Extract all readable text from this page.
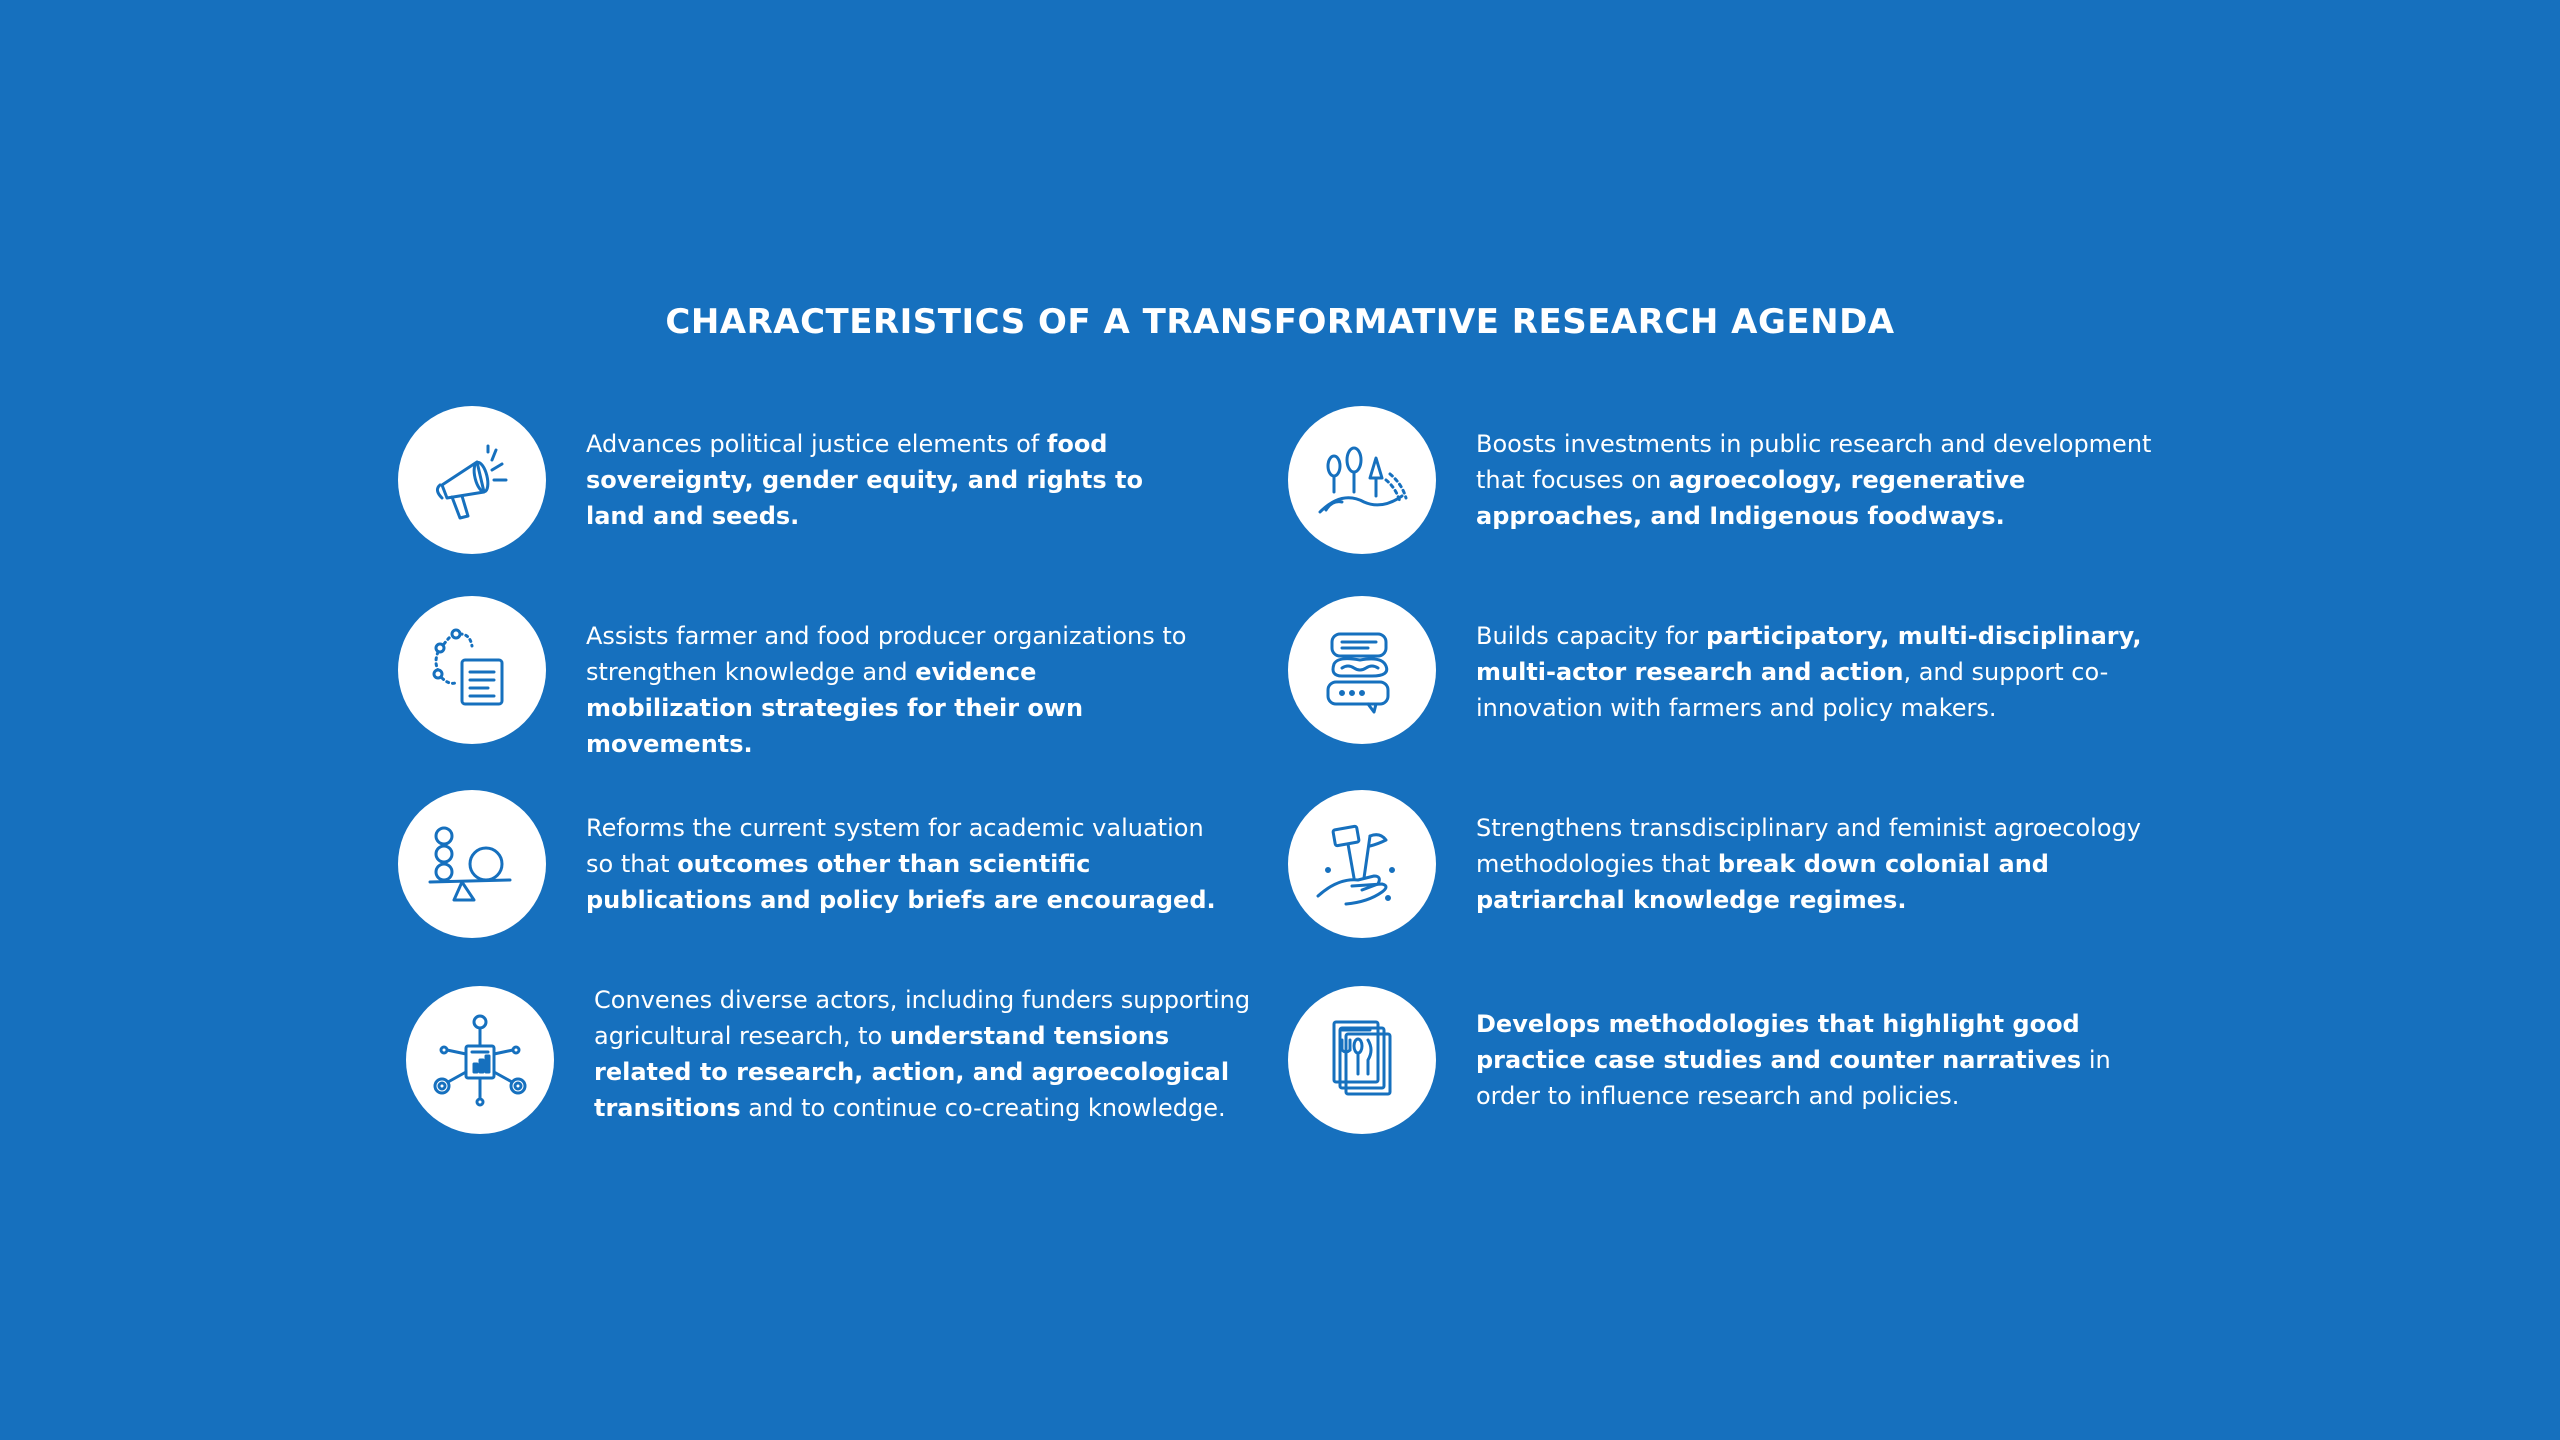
CHARACTERISTICS OF A TRANSFORMATIVE RESEARCH AGENDA
Advances political justice elements of food sovereignty, gender equity, and rights to land and seeds.
Boosts investments in public research and development that focuses on agroecology, regenerative approaches, and Indigenous foodways.
Assists farmer and food producer organizations to strengthen knowledge and evidence mobilization strategies for their own movements.
Builds capacity for participatory, multi-disciplinary, multi-actor research and action, and support co-innovation with farmers and policy makers.
Reforms the current system for academic valuation so that outcomes other than scientific publications and policy briefs are encouraged.
Strengthens transdisciplinary and feminist agroecology methodologies that break down colonial and patriarchal knowledge regimes.
Convenes diverse actors, including funders supporting agricultural research, to understand tensions related to research, action, and agroecological transitions and to continue co-creating knowledge.
Develops methodologies that highlight good practice case studies and counter narratives in order to influence research and policies.
